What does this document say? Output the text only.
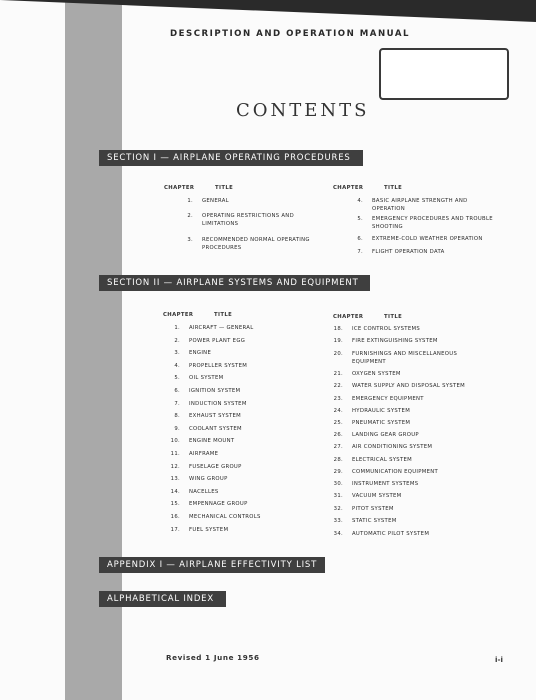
DESCRIPTION AND OPERATION MANUAL
CONTENTS
SECTION I — AIRPLANE OPERATING PROCEDURES
CHAPTER	TITLE	CHAPTER	TITLE
1. GENERAL
2. OPERATING RESTRICTIONS AND LIMITATIONS
3. RECOMMENDED NORMAL OPERATING PROCEDURES
4. BASIC AIRPLANE STRENGTH AND OPERATION
5. EMERGENCY PROCEDURES AND TROUBLE SHOOTING
6. EXTREME-COLD WEATHER OPERATION
7. FLIGHT OPERATION DATA
SECTION II — AIRPLANE SYSTEMS AND EQUIPMENT
CHAPTER	TITLE	CHAPTER	TITLE
1. AIRCRAFT — GENERAL
2. POWER PLANT EGG
3. ENGINE
4. PROPELLER SYSTEM
5. OIL SYSTEM
6. IGNITION SYSTEM
7. INDUCTION SYSTEM
8. EXHAUST SYSTEM
9. COOLANT SYSTEM
10. ENGINE MOUNT
11. AIRFRAME
12. FUSELAGE GROUP
13. WING GROUP
14. NACELLES
15. EMPENNAGE GROUP
16. MECHANICAL CONTROLS
17. FUEL SYSTEM
18. ICE CONTROL SYSTEMS
19. FIRE EXTINGUISHING SYSTEM
20. FURNISHINGS AND MISCELLANEOUS EQUIPMENT
21. OXYGEN SYSTEM
22. WATER SUPPLY AND DISPOSAL SYSTEM
23. EMERGENCY EQUIPMENT
24. HYDRAULIC SYSTEM
25. PNEUMATIC SYSTEM
26. LANDING GEAR GROUP
27. AIR CONDITIONING SYSTEM
28. ELECTRICAL SYSTEM
29. COMMUNICATION EQUIPMENT
30. INSTRUMENT SYSTEMS
31. VACUUM SYSTEM
32. PITOT SYSTEM
33. STATIC SYSTEM
34. AUTOMATIC PILOT SYSTEM
APPENDIX I — AIRPLANE EFFECTIVITY LIST
ALPHABETICAL INDEX
Revised 1 June 1956	i-i
